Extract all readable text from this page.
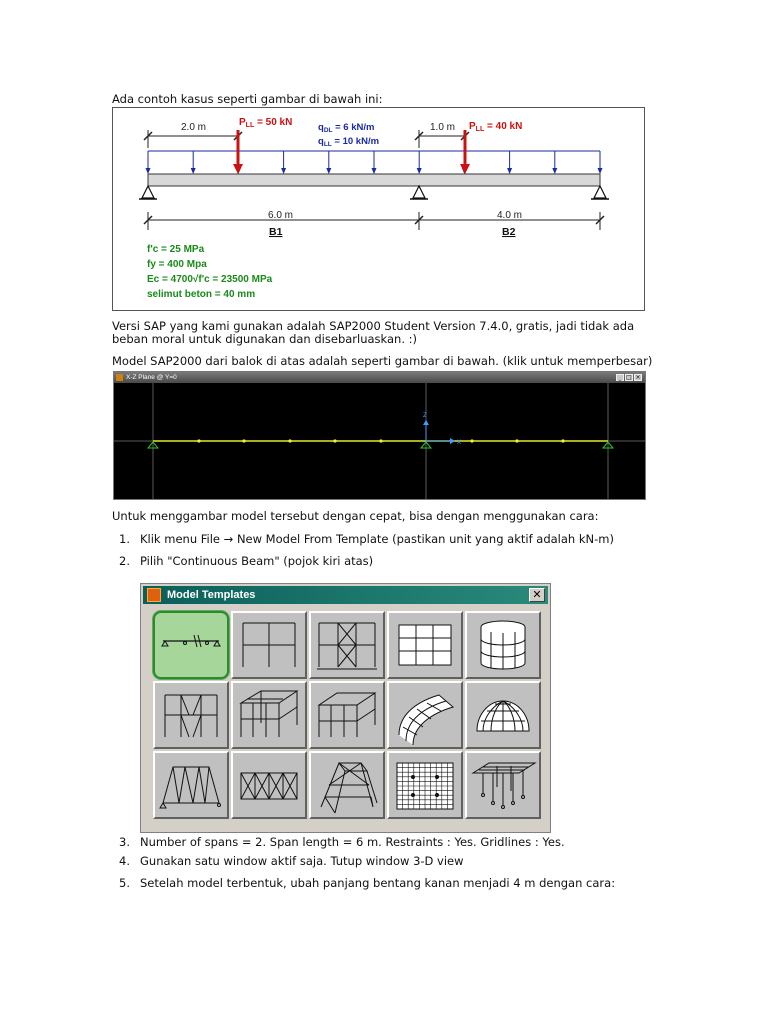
Ada contoh kasus seperti gambar di bawah ini:
2.0 m	1.0 m
$P_{LL} = 50$ kN	$P_{LL} = 40$ kN
$q_{DL} = 6$ kN/m
$q_{LL} = 10$ kN/m
6.0 m	4.0 m
B1	B2
f'c = 25 MPa
fy = 400 Mpa
Ec = 4700√f'c = 23500 MPa
selimut beton = 40 mm
Versi SAP yang kami gunakan adalah SAP2000 Student Version 7.4.0, gratis, jadi tidak ada
beban moral untuk digunakan dan disebarluaskan. :)
Model SAP2000 dari balok di atas adalah seperti gambar di bawah. (klik untuk memperbesar)
X-Z Plane @ Y=0	_ □ ×
Z
X
Untuk menggambar model tersebut dengan cepat, bisa dengan menggunakan cara:
1. Klik menu File → New Model From Template (pastikan unit yang aktif adalah kN-m)
2. Pilih "Continuous Beam" (pojok kiri atas)
Model Templates	✕
3. Number of spans = 2. Span length = 6 m. Restraints : Yes. Gridlines : Yes.
4. Gunakan satu window aktif saja. Tutup window 3-D view
5. Setelah model terbentuk, ubah panjang bentang kanan menjadi 4 m dengan cara:
